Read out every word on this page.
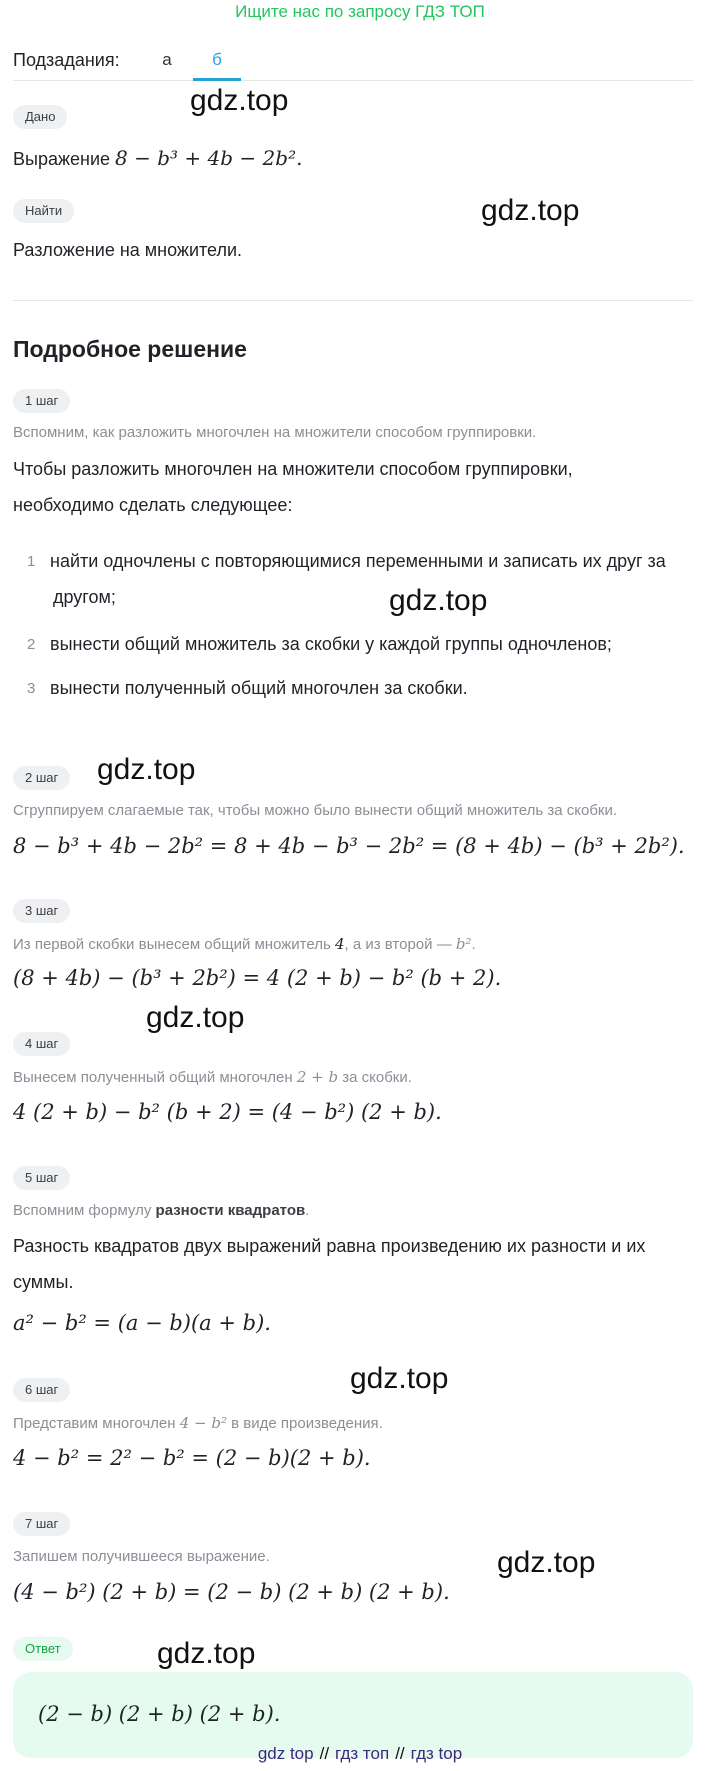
Ищите нас по запросу ГДЗ ТОП
Подзадания:	а	б
Дано
Выражение 8 − b³ + 4b − 2b².
Найти
Разложение на множители.
Подробное решение
1 шаг
Вспомним, как разложить многочлен на множители способом группировки.
Чтобы разложить многочлен на множители способом группировки,
необходимо сделать следующее:
1 найти одночлены с повторяющимися переменными и записать их друг за
другом;
2 вынести общий множитель за скобки у каждой группы одночленов;
3 вынести полученный общий многочлен за скобки.
2 шаг
Сгруппируем слагаемые так, чтобы можно было вынести общий множитель за скобки.
8 − b³ + 4b − 2b² = 8 + 4b − b³ − 2b² = (8 + 4b) − (b³ + 2b²).
3 шаг
Из первой скобки вынесем общий множитель 4, а из второй — b².
(8 + 4b) − (b³ + 2b²) = 4 (2 + b) − b² (b + 2).
4 шаг
Вынесем полученный общий многочлен 2 + b за скобки.
4 (2 + b) − b² (b + 2) = (4 − b²) (2 + b).
5 шаг
Вспомним формулу разности квадратов.
Разность квадратов двух выражений равна произведению их разности и их
суммы.
a² − b² = (a − b)(a + b).
6 шаг
Представим многочлен 4 − b² в виде произведения.
4 − b² = 2² − b² = (2 − b)(2 + b).
7 шаг
Запишем получившееся выражение.
(4 − b²) (2 + b) = (2 − b) (2 + b) (2 + b).
Ответ
(2 − b) (2 + b) (2 + b).
gdz.top
gdz.top
gdz.top
gdz.top
gdz.top
gdz.top
gdz.top
gdz.top
gdz top // гдз топ // гдз top
